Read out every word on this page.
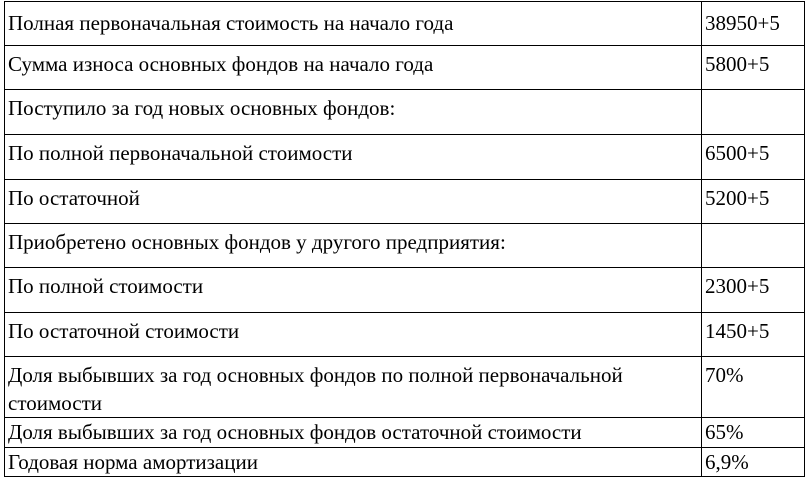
Полная первоначальная стоимость на начало года	38950+5
Сумма износа основных фондов на начало года	5800+5
Поступило за год новых основных фондов:	
По полной первоначальной стоимости	6500+5
По остаточной	5200+5
Приобретено основных фондов у другого предприятия:	
По полной стоимости	2300+5
По остаточной стоимости	1450+5
Доля выбывших за год основных фондов по полной первоначальной стоимости	70%
Доля выбывших за год основных фондов остаточной стоимости	65%
Годовая норма амортизации	6,9%
